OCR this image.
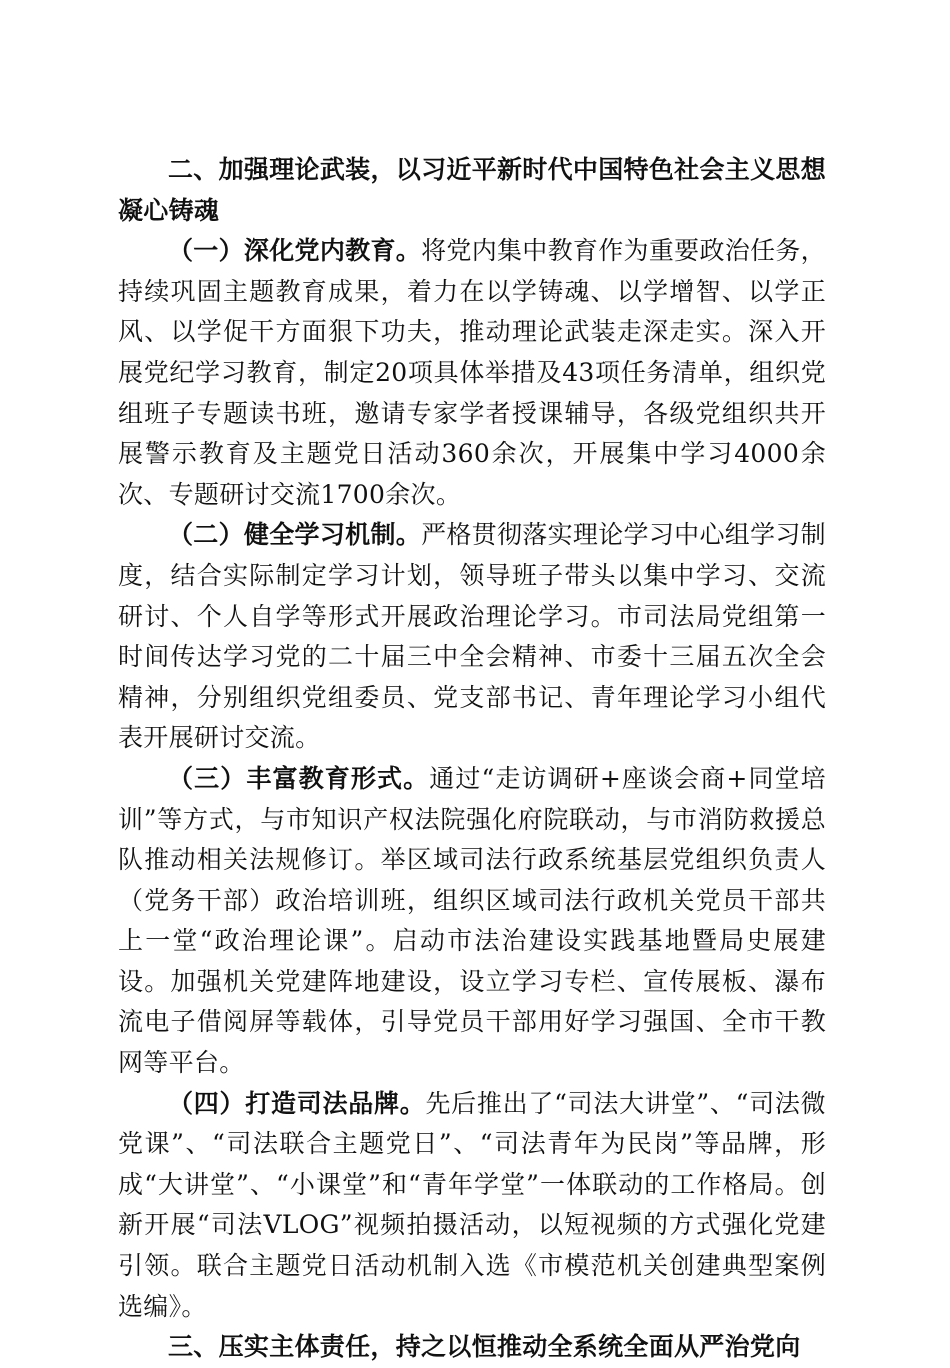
二、加强理论武装，以习近平新时代中国特色社会主义思想凝心铸魂

（一）深化党内教育。将党内集中教育作为重要政治任务，持续巩固主题教育成果，着力在以学铸魂、以学增智、以学正风、以学促干方面狠下功夫，推动理论武装走深走实。深入开展党纪学习教育，制定20项具体举措及43项任务清单，组织党组班子专题读书班，邀请专家学者授课辅导，各级党组织共开展警示教育及主题党日活动360余次，开展集中学习4000余次、专题研讨交流1700余次。

（二）健全学习机制。严格贯彻落实理论学习中心组学习制度，结合实际制定学习计划，领导班子带头以集中学习、交流研讨、个人自学等形式开展政治理论学习。市司法局党组第一时间传达学习党的二十届三中全会精神、市委十三届五次全会精神，分别组织党组委员、党支部书记、青年理论学习小组代表开展研讨交流。

（三）丰富教育形式。通过“走访调研+座谈会商+同堂培训”等方式，与市知识产权法院强化府院联动，与市消防救援总队推动相关法规修订。举区域司法行政系统基层党组织负责人（党务干部）政治培训班，组织区域司法行政机关党员干部共上一堂“政治理论课”。启动市法治建设实践基地暨局史展建设。加强机关党建阵地建设，设立学习专栏、宣传展板、瀑布流电子借阅屏等载体，引导党员干部用好学习强国、全市干教网等平台。

（四）打造司法品牌。先后推出了“司法大讲堂”、“司法微党课”、“司法联合主题党日”、“司法青年为民岗”等品牌，形成“大讲堂”、“小课堂”和“青年学堂”一体联动的工作格局。创新开展“司法VLOG”视频拍摄活动，以短视频的方式强化党建引领。联合主题党日活动机制入选《市模范机关创建典型案例选编》。

三、压实主体责任，持之以恒推动全系统全面从严治党向
